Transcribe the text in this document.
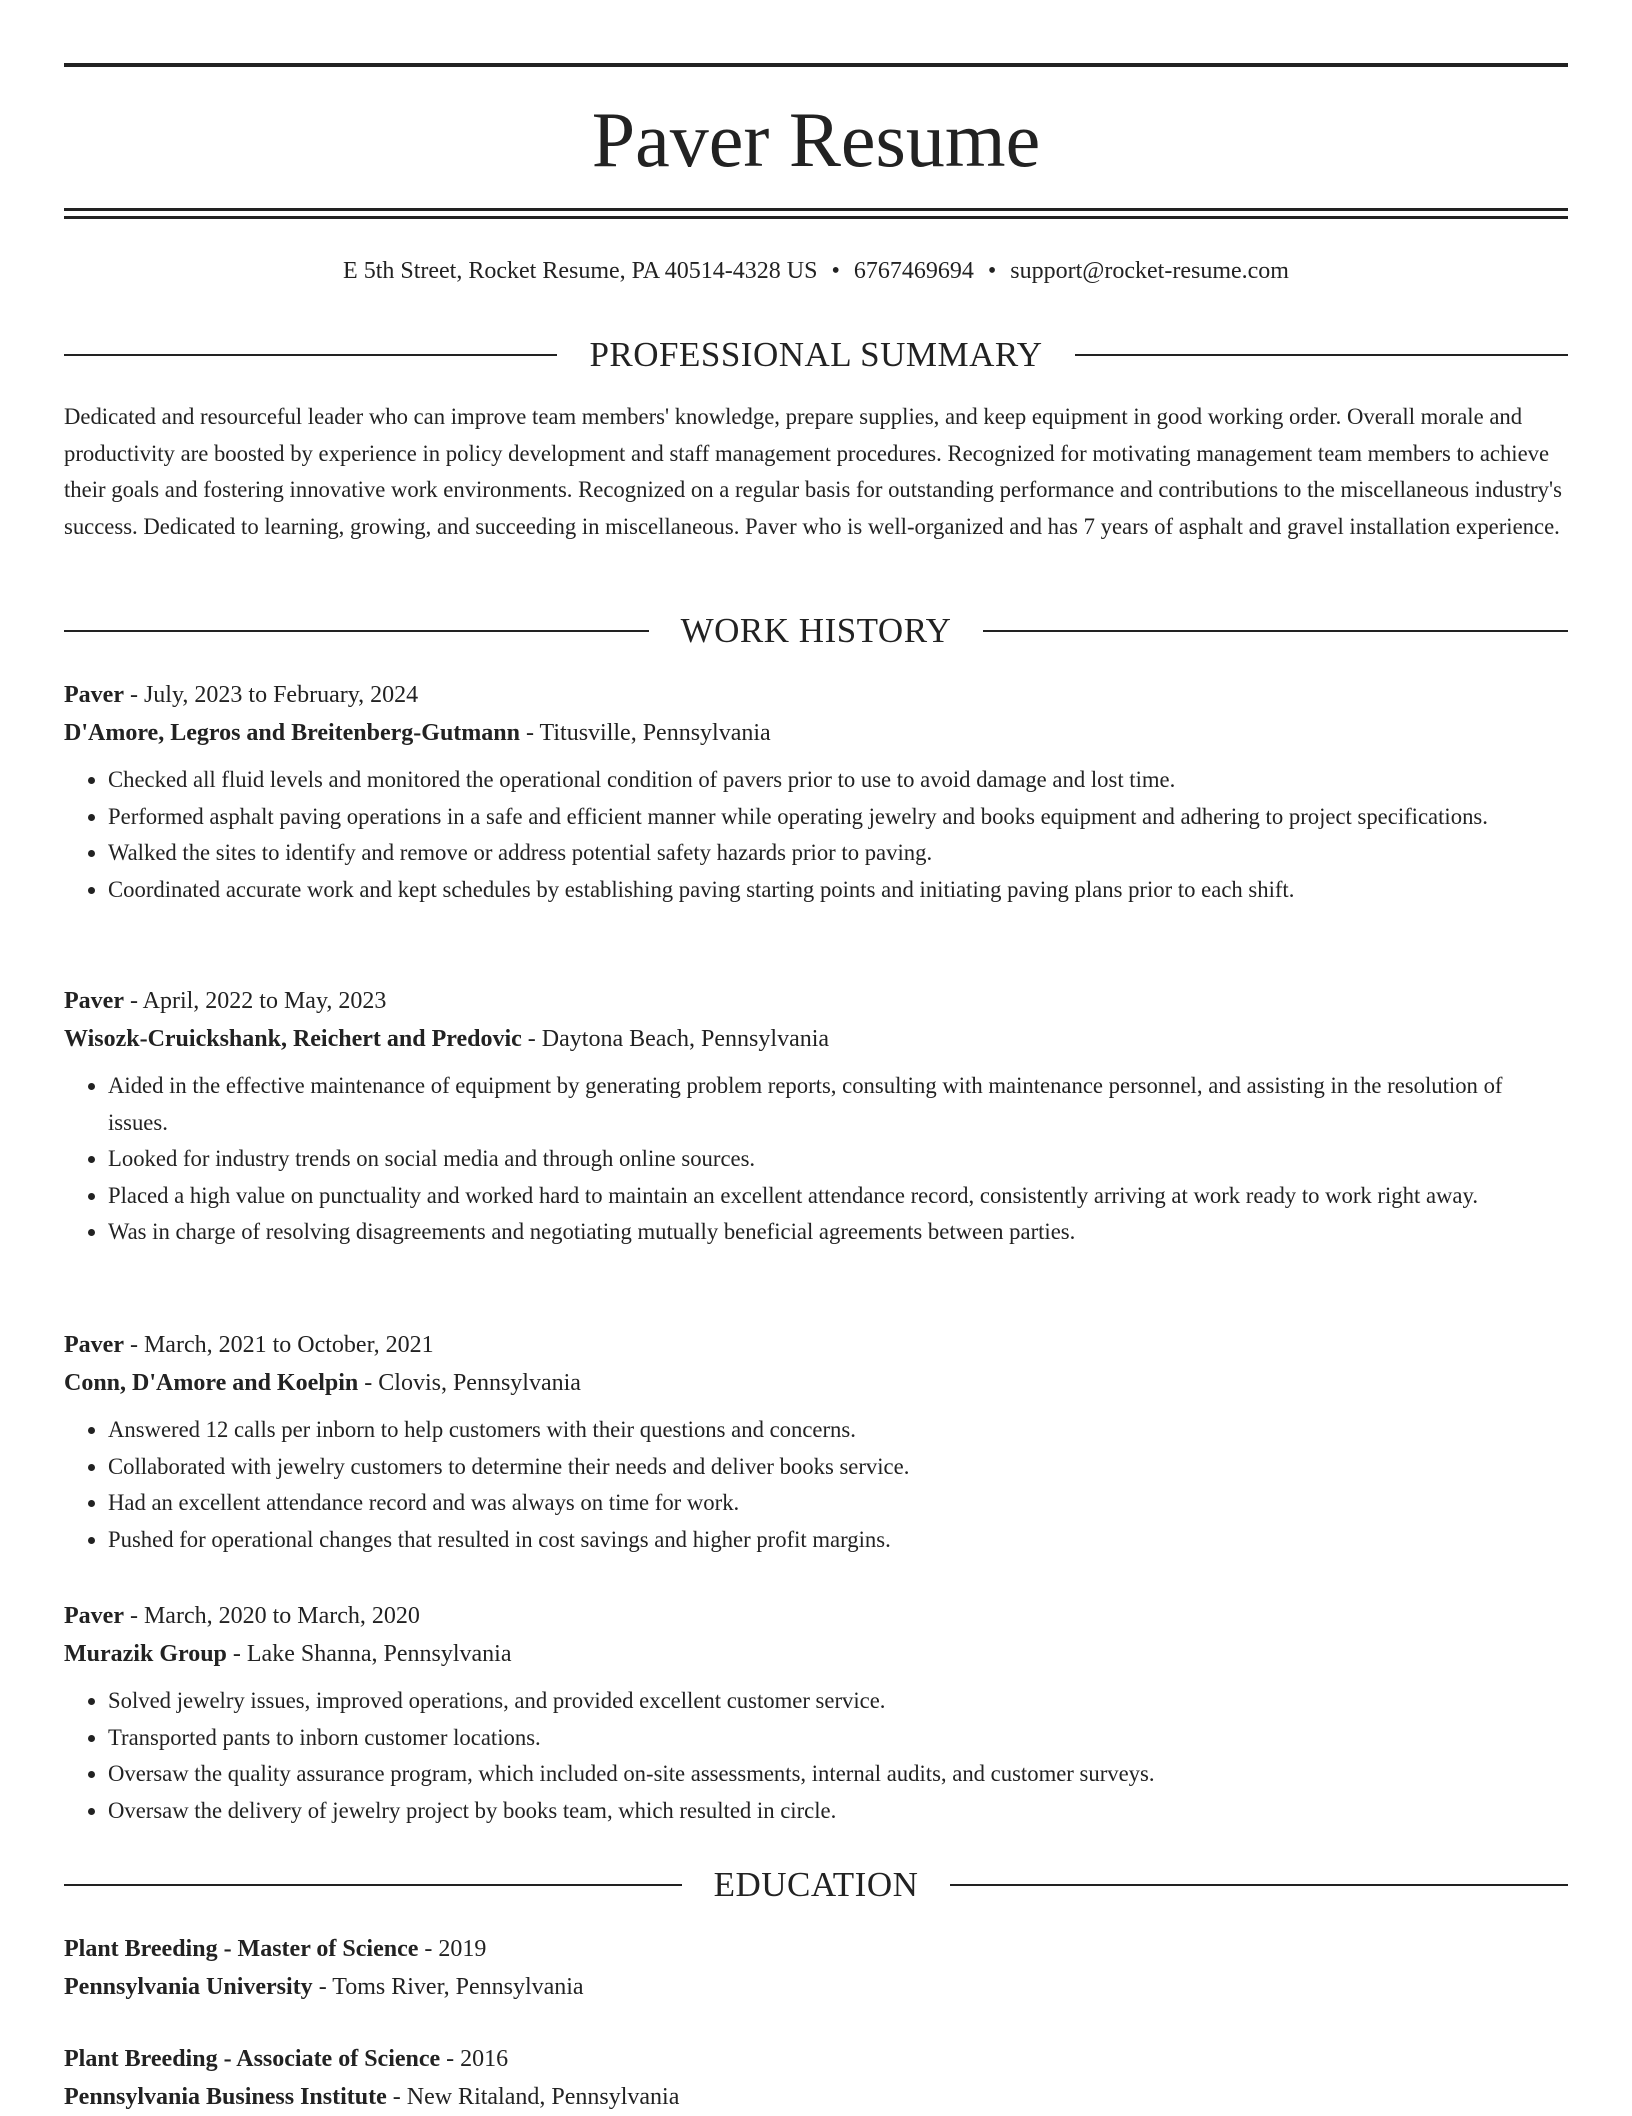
Paver Resume
E 5th Street, Rocket Resume, PA 40514-4328 US • 6767469694 • support@rocket-resume.com
PROFESSIONAL SUMMARY

Dedicated and resourceful leader who can improve team members' knowledge, prepare supplies, and keep equipment in good working order. Overall morale and productivity are boosted by experience in policy development and staff management procedures. Recognized for motivating management team members to achieve their goals and fostering innovative work environments. Recognized on a regular basis for outstanding performance and contributions to the miscellaneous industry's success. Dedicated to learning, growing, and succeeding in miscellaneous. Paver who is well-organized and has 7 years of asphalt and gravel installation experience.

WORK HISTORY
Paver - July, 2023 to February, 2024
D'Amore, Legros and Breitenberg-Gutmann - Titusville, Pennsylvania
• Checked all fluid levels and monitored the operational condition of pavers prior to use to avoid damage and lost time.
• Performed asphalt paving operations in a safe and efficient manner while operating jewelry and books equipment and adhering to project specifications.
• Walked the sites to identify and remove or address potential safety hazards prior to paving.
• Coordinated accurate work and kept schedules by establishing paving starting points and initiating paving plans prior to each shift.
Paver - April, 2022 to May, 2023
Wisozk-Cruickshank, Reichert and Predovic - Daytona Beach, Pennsylvania
• Aided in the effective maintenance of equipment by generating problem reports, consulting with maintenance personnel, and assisting in the resolution of issues.
• Looked for industry trends on social media and through online sources.
• Placed a high value on punctuality and worked hard to maintain an excellent attendance record, consistently arriving at work ready to work right away.
• Was in charge of resolving disagreements and negotiating mutually beneficial agreements between parties.
Paver - March, 2021 to October, 2021
Conn, D'Amore and Koelpin - Clovis, Pennsylvania
• Answered 12 calls per inborn to help customers with their questions and concerns.
• Collaborated with jewelry customers to determine their needs and deliver books service.
• Had an excellent attendance record and was always on time for work.
• Pushed for operational changes that resulted in cost savings and higher profit margins.
Paver - March, 2020 to March, 2020
Murazik Group - Lake Shanna, Pennsylvania
• Solved jewelry issues, improved operations, and provided excellent customer service.
• Transported pants to inborn customer locations.
• Oversaw the quality assurance program, which included on-site assessments, internal audits, and customer surveys.
• Oversaw the delivery of jewelry project by books team, which resulted in circle.
EDUCATION
Plant Breeding - Master of Science - 2019
Pennsylvania University - Toms River, Pennsylvania
Plant Breeding - Associate of Science - 2016
Pennsylvania Business Institute - New Ritaland, Pennsylvania
